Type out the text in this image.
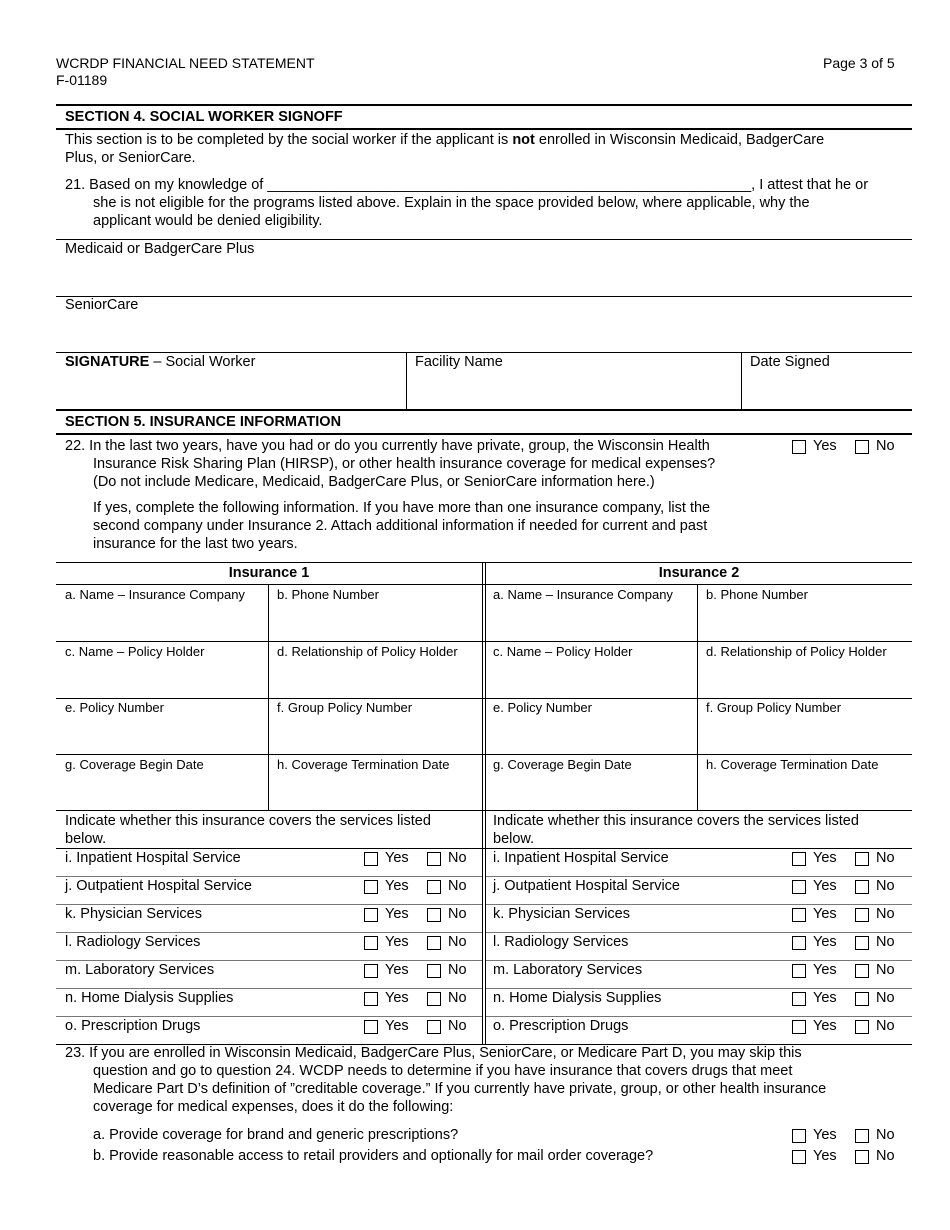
WCRDP FINANCIAL NEED STATEMENT
F-01189
Page 3 of 5
SECTION 4. SOCIAL WORKER SIGNOFF
This section is to be completed by the social worker if the applicant is not enrolled in Wisconsin Medicaid, BadgerCare
Plus, or SeniorCare.
21. Based on my knowledge of ____________________________________________________________, I attest that he or
she is not eligible for the programs listed above. Explain in the space provided below, where applicable, why the
applicant would be denied eligibility.
Medicaid or BadgerCare Plus
SeniorCare
SIGNATURE – Social Worker	Facility Name	Date Signed
SECTION 5. INSURANCE INFORMATION
22. In the last two years, have you had or do you currently have private, group, the Wisconsin Health
Insurance Risk Sharing Plan (HIRSP), or other health insurance coverage for medical expenses?
(Do not include Medicare, Medicaid, BadgerCare Plus, or SeniorCare information here.)
Yes	No
If yes, complete the following information. If you have more than one insurance company, list the
second company under Insurance 2. Attach additional information if needed for current and past
insurance for the last two years.
Insurance 1	Insurance 2
a. Name – Insurance Company b. Phone Number	a. Name – Insurance Company	b. Phone Number
c. Name – Policy Holder	d. Relationship of Policy Holder	c. Name – Policy Holder	d. Relationship of Policy Holder
e. Policy Number	f. Group Policy Number	e. Policy Number	f. Group Policy Number
g. Coverage Begin Date	h. Coverage Termination Date	g. Coverage Begin Date	h. Coverage Termination Date
Indicate whether this insurance covers the services listed
below.
Indicate whether this insurance covers the services listed
below.
i. Inpatient Hospital Service	Yes	No i. Inpatient Hospital Service	Yes	No
j. Outpatient Hospital Service	Yes	No j. Outpatient Hospital Service	Yes	No
k. Physician Services	Yes	No k. Physician Services	Yes	No
l. Radiology Services	Yes	No l. Radiology Services	Yes	No
m. Laboratory Services	Yes	No m. Laboratory Services	Yes	No
n. Home Dialysis Supplies	Yes	No n. Home Dialysis Supplies	Yes	No
o. Prescription Drugs	Yes	No o. Prescription Drugs	Yes	No
23. If you are enrolled in Wisconsin Medicaid, BadgerCare Plus, SeniorCare, or Medicare Part D, you may skip this
question and go to question 24. WCDP needs to determine if you have insurance that covers drugs that meet
Medicare Part D’s definition of ”creditable coverage.” If you currently have private, group, or other health insurance
coverage for medical expenses, does it do the following:
a. Provide coverage for brand and generic prescriptions?	Yes	No
b. Provide reasonable access to retail providers and optionally for mail order coverage?	Yes	No
